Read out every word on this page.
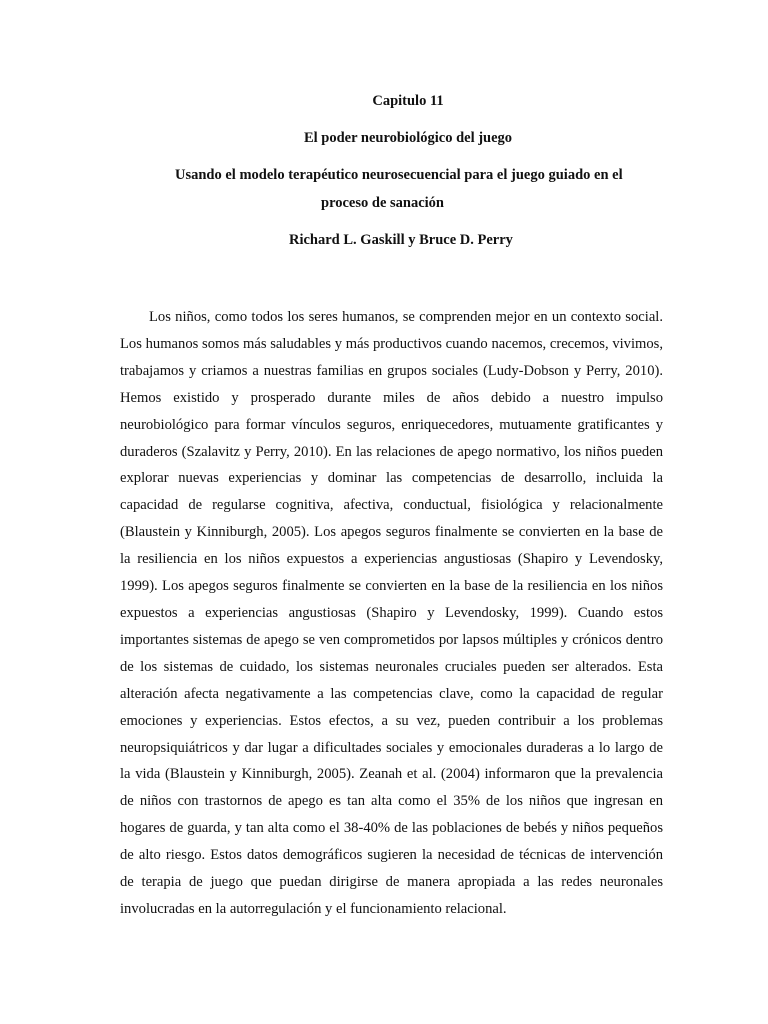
Capitulo 11
El poder neurobiológico del juego
Usando el modelo terapéutico neurosecuencial para el juego guiado en el
proceso de sanación

Richard L. Gaskill y Bruce D. Perry

Los niños, como todos los seres humanos, se comprenden mejor en un contexto social. Los humanos somos más saludables y más productivos cuando nacemos, crecemos, vivimos, trabajamos y criamos a nuestras familias en grupos sociales (Ludy-Dobson y Perry, 2010). Hemos existido y prosperado durante miles de años debido a nuestro impulso neurobiológico para formar vínculos seguros, enriquecedores, mutuamente gratificantes y duraderos (Szalavitz y Perry, 2010). En las relaciones de apego normativo, los niños pueden explorar nuevas experiencias y dominar las competencias de desarrollo, incluida la capacidad de regularse cognitiva, afectiva, conductual, fisiológica y relacionalmente (Blaustein y Kinniburgh, 2005). Los apegos seguros finalmente se convierten en la base de la resiliencia en los niños expuestos a experiencias angustiosas (Shapiro y Levendosky, 1999). Los apegos seguros finalmente se convierten en la base de la resiliencia en los niños expuestos a experiencias angustiosas (Shapiro y Levendosky, 1999). Cuando estos importantes sistemas de apego se ven comprometidos por lapsos múltiples y crónicos dentro de los sistemas de cuidado, los sistemas neuronales cruciales pueden ser alterados. Esta alteración afecta negativamente a las competencias clave, como la capacidad de regular emociones y experiencias. Estos efectos, a su vez, pueden contribuir a los problemas neuropsiquiátricos y dar lugar a dificultades sociales y emocionales duraderas a lo largo de la vida (Blaustein y Kinniburgh, 2005). Zeanah et al. (2004) informaron que la prevalencia de niños con trastornos de apego es tan alta como el 35% de los niños que ingresan en hogares de guarda, y tan alta como el 38-40% de las poblaciones de bebés y niños pequeños de alto riesgo. Estos datos demográficos sugieren la necesidad de técnicas de intervención de terapia de juego que puedan dirigirse de manera apropiada a las redes neuronales involucradas en la autorregulación y el funcionamiento relacional.
